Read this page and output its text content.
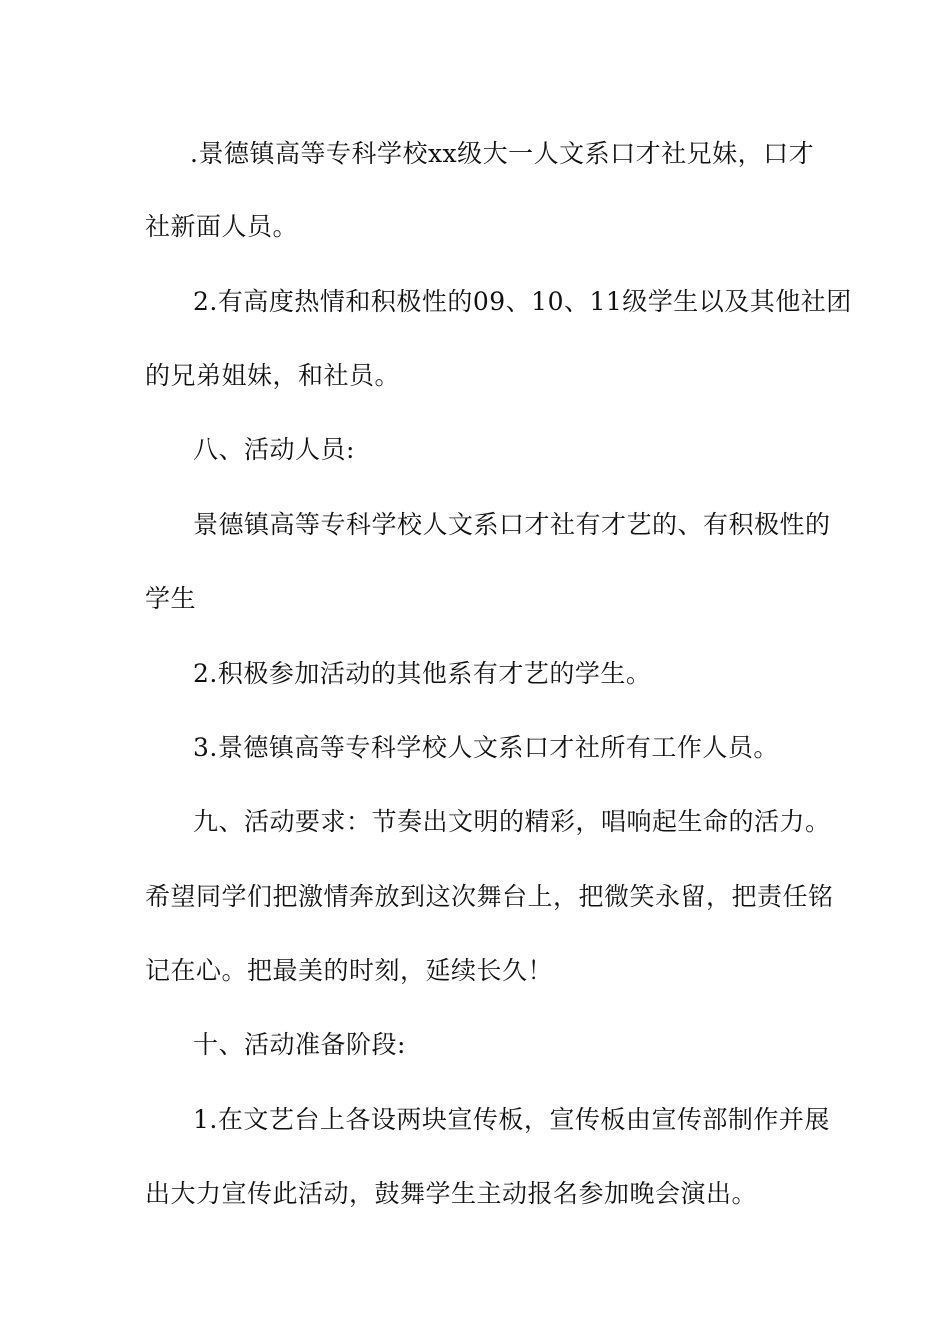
.景德镇高等专科学校xx级大一人文系口才社兄妹，口才
社新面人员。
2.有高度热情和积极性的09、10、11级学生以及其他社团
的兄弟姐妹，和社员。
八、活动人员:
景德镇高等专科学校人文系口才社有才艺的、有积极性的
学生
2.积极参加活动的其他系有才艺的学生。
3.景德镇高等专科学校人文系口才社所有工作人员。
九、活动要求：节奏出文明的精彩，唱响起生命的活力。
希望同学们把激情奔放到这次舞台上，把微笑永留，把责任铭
记在心。把最美的时刻，延续长久！
十、活动准备阶段:
1.在文艺台上各设两块宣传板，宣传板由宣传部制作并展
出大力宣传此活动，鼓舞学生主动报名参加晚会演出。
